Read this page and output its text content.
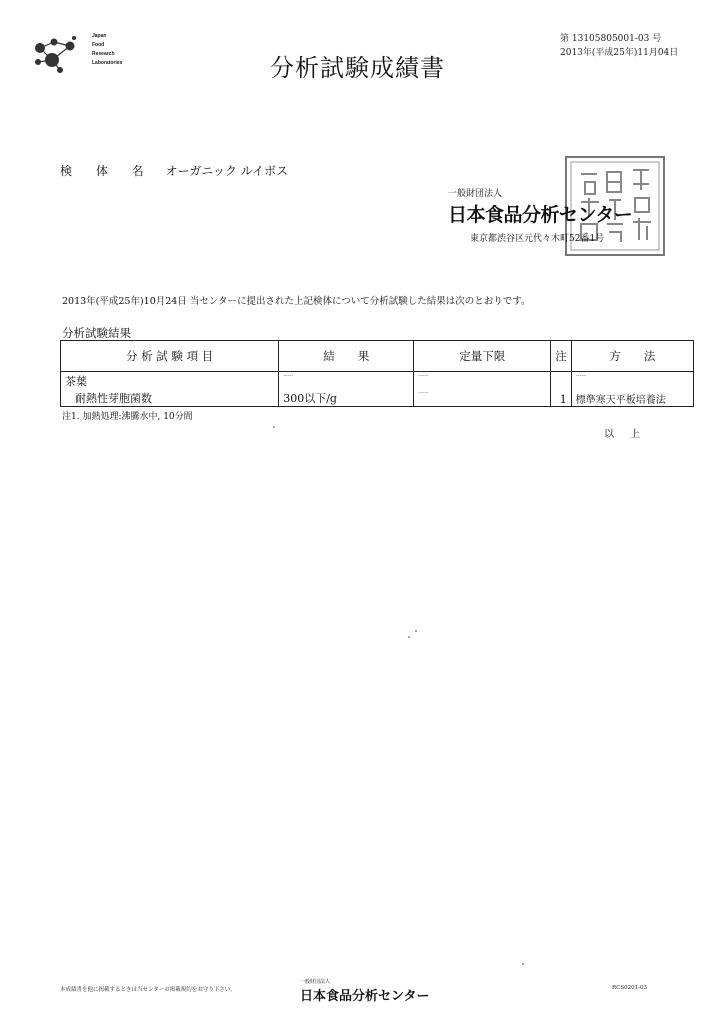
Japan
Food
Research
Laboratories	分析試験成績書
第 13105805001-03 号
2013年(平成25年)11月04日
検 体 名 オーガニック ルイボス
一般財団法人
日本食品分析センター
東京都渋谷区元代々木町52番1号
2013年(平成25年)10月24日 当センターに提出された上記検体について分析試験した結果は次のとおりです。
分析試験結果
分 析 試 験 項 目	結　　果	定量下限	注	方　　法
茶葉	-----	-----		-----
耐熱性芽胞菌数	300以下/g	-----	1	標準寒天平板培養法
注1. 加熱処理:沸騰水中, 10分間
以上
本成績書を他に掲載するときは当センターの掲載規約をお守り下さい。
一般財団法人
日本食品分析センター	RCS0201-03
